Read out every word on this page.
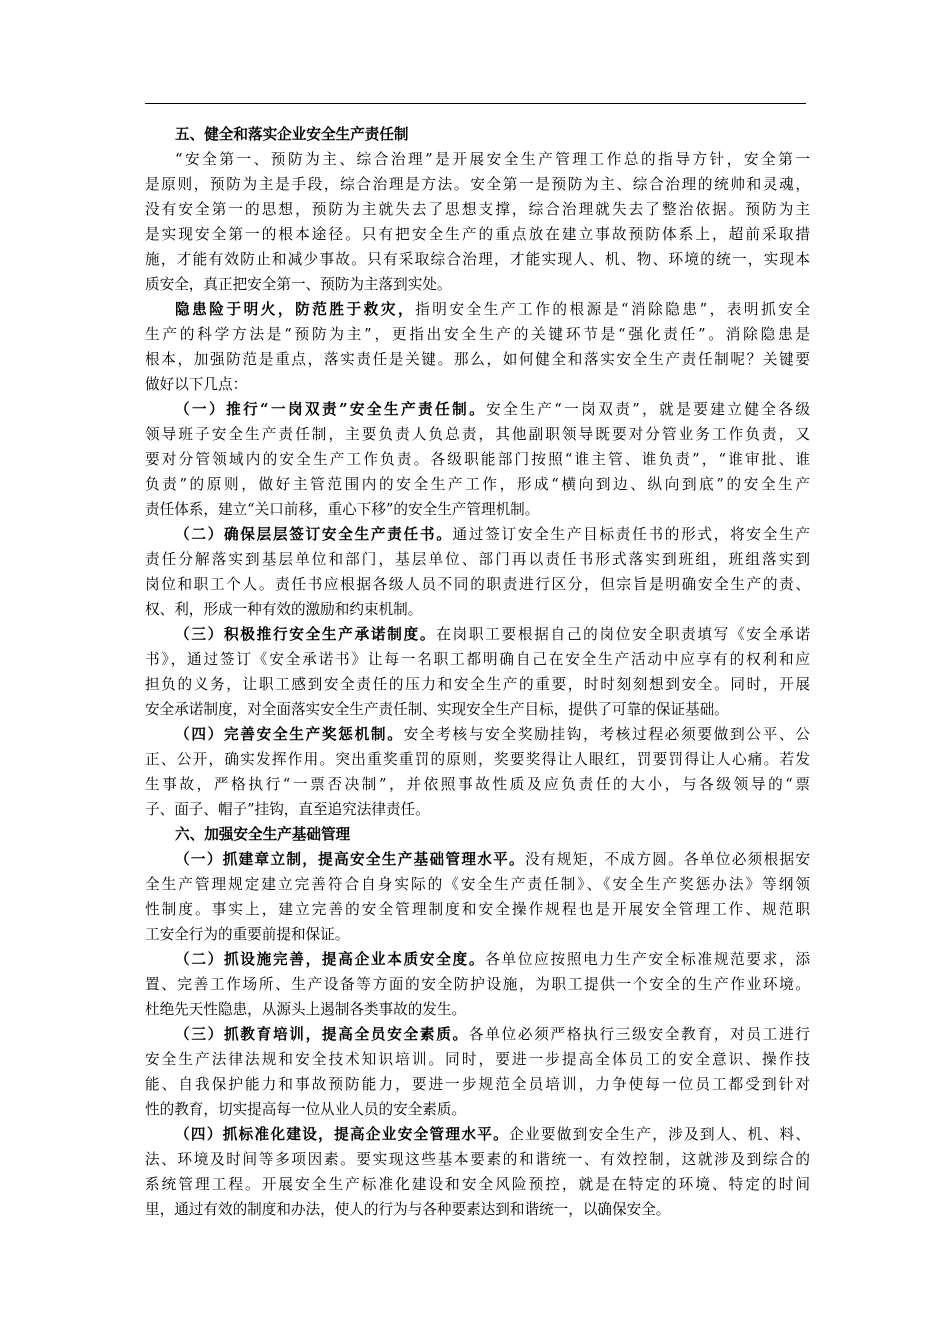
五、健全和落实企业安全生产责任制
“安全第一、预防为主、综合治理”是开展安全生产管理工作总的指导方针，安全第一
是原则，预防为主是手段，综合治理是方法。安全第一是预防为主、综合治理的统帅和灵魂，
没有安全第一的思想，预防为主就失去了思想支撑，综合治理就失去了整治依据。预防为主
是实现安全第一的根本途径。只有把安全生产的重点放在建立事故预防体系上，超前采取措
施，才能有效防止和减少事故。只有采取综合治理，才能实现人、机、物、环境的统一，实现本
质安全，真正把安全第一、预防为主落到实处。
隐患险于明火，防范胜于救灾，指明安全生产工作的根源是“消除隐患”，表明抓安全
生产的科学方法是“预防为主”，更指出安全生产的关键环节是“强化责任”。消除隐患是
根本，加强防范是重点，落实责任是关键。那么，如何健全和落实安全生产责任制呢？关键要
做好以下几点：
（一）推行“一岗双责”安全生产责任制。安全生产“一岗双责”，就是要建立健全各级
领导班子安全生产责任制，主要负责人负总责，其他副职领导既要对分管业务工作负责，又
要对分管领域内的安全生产工作负责。各级职能部门按照“谁主管、谁负责”，“谁审批、谁
负责”的原则，做好主管范围内的安全生产工作，形成“横向到边、纵向到底”的安全生产
责任体系，建立“关口前移，重心下移”的安全生产管理机制。
（二）确保层层签订安全生产责任书。通过签订安全生产目标责任书的形式，将安全生产
责任分解落实到基层单位和部门，基层单位、部门再以责任书形式落实到班组，班组落实到
岗位和职工个人。责任书应根据各级人员不同的职责进行区分，但宗旨是明确安全生产的责、
权、利，形成一种有效的激励和约束机制。
（三）积极推行安全生产承诺制度。在岗职工要根据自己的岗位安全职责填写《安全承诺
书》，通过签订《安全承诺书》让每一名职工都明确自己在安全生产活动中应享有的权利和应
担负的义务，让职工感到安全责任的压力和安全生产的重要，时时刻刻想到安全。同时，开展
安全承诺制度，对全面落实安全生产责任制、实现安全生产目标，提供了可靠的保证基础。
（四）完善安全生产奖惩机制。安全考核与安全奖励挂钩，考核过程必须要做到公平、公
正、公开，确实发挥作用。突出重奖重罚的原则，奖要奖得让人眼红，罚要罚得让人心痛。若发
生事故，严格执行“一票否决制”，并依照事故性质及应负责任的大小，与各级领导的“票
子、面子、帽子”挂钩，直至追究法律责任。
六、加强安全生产基础管理
（一）抓建章立制，提高安全生产基础管理水平。没有规矩，不成方圆。各单位必须根据安
全生产管理规定建立完善符合自身实际的《安全生产责任制》、《安全生产奖惩办法》等纲领
性制度。事实上，建立完善的安全管理制度和安全操作规程也是开展安全管理工作、规范职
工安全行为的重要前提和保证。
（二）抓设施完善，提高企业本质安全度。各单位应按照电力生产安全标准规范要求，添
置、完善工作场所、生产设备等方面的安全防护设施，为职工提供一个安全的生产作业环境。
杜绝先天性隐患，从源头上遏制各类事故的发生。
（三）抓教育培训，提高全员安全素质。各单位必须严格执行三级安全教育，对员工进行
安全生产法律法规和安全技术知识培训。同时，要进一步提高全体员工的安全意识、操作技
能、自我保护能力和事故预防能力，要进一步规范全员培训，力争使每一位员工都受到针对
性的教育，切实提高每一位从业人员的安全素质。
（四）抓标准化建设，提高企业安全管理水平。企业要做到安全生产，涉及到人、机、料、
法、环境及时间等多项因素。要实现这些基本要素的和谐统一、有效控制，这就涉及到综合的
系统管理工程。开展安全生产标准化建设和安全风险预控，就是在特定的环境、特定的时间
里，通过有效的制度和办法，使人的行为与各种要素达到和谐统一，以确保安全。
